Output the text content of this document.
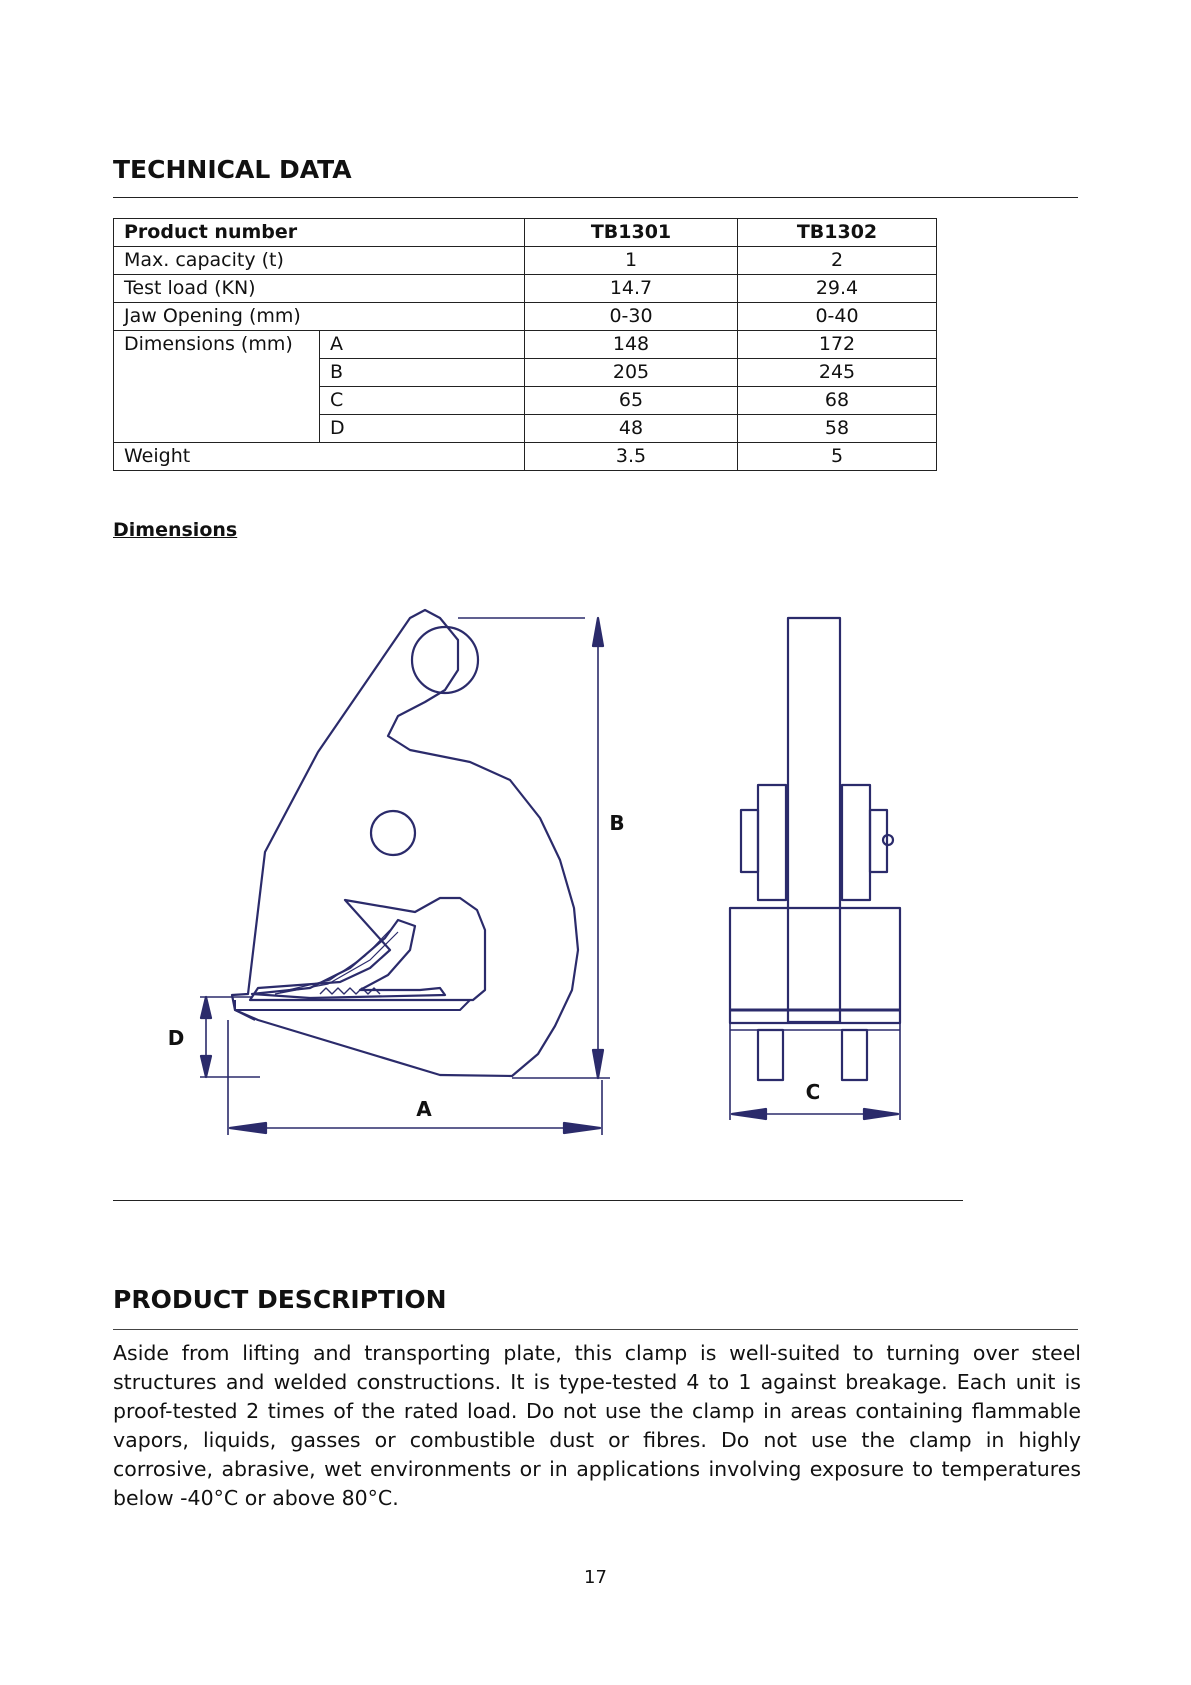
TECHNICAL DATA
Product number		TB1301	TB1302
Max. capacity (t)		1	2
Test load (KN)		14.7	29.4
Jaw Opening (mm)		0-30	0-40
Dimensions (mm)	A	148	172
	B	205	245
	C	65	68
	D	48	58
Weight		3.5	5
Dimensions
B
D
A
C
PRODUCT DESCRIPTION
Aside from lifting and transporting plate, this clamp is well-suited to turning over steel structures and welded constructions. It is type-tested 4 to 1 against breakage. Each unit is proof-tested 2 times of the rated load. Do not use the clamp in areas containing flammable vapors, liquids, gasses or combustible dust or fibres. Do not use the clamp in highly corrosive, abrasive, wet environments or in applications involving exposure to temperatures below -40°C or above 80°C.
17
